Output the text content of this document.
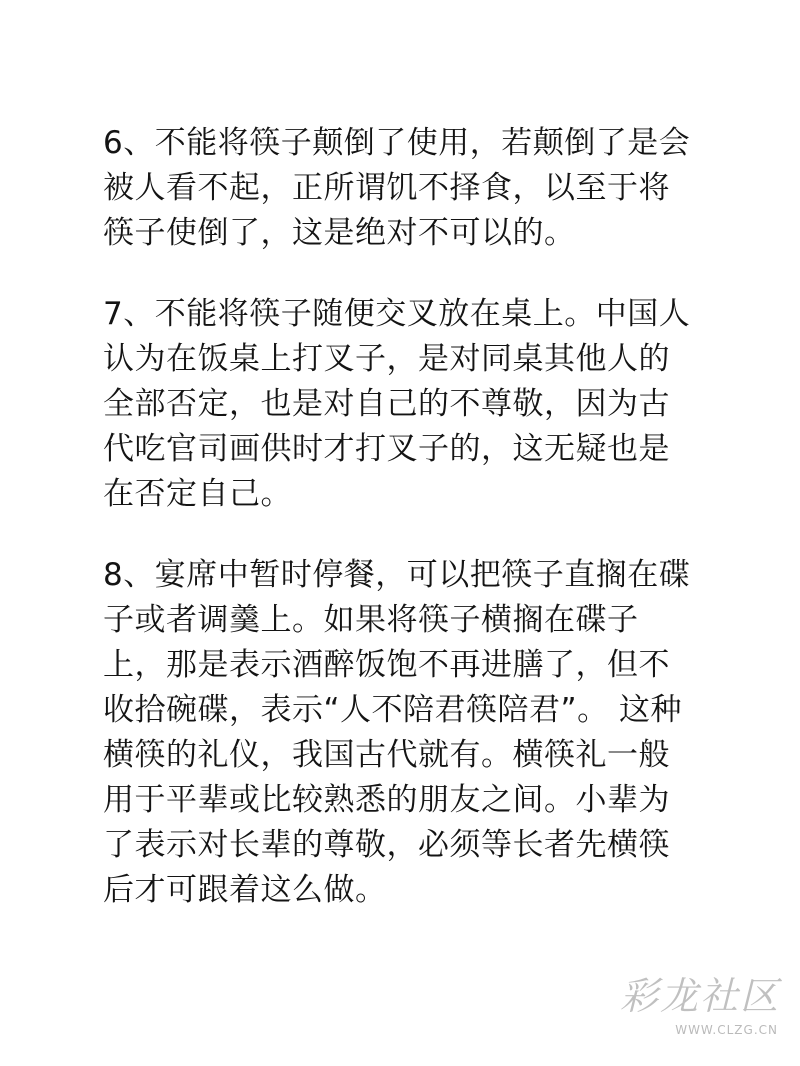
6、不能将筷子颠倒了使用，若颠倒了是会
被人看不起，正所谓饥不择食，以至于将
筷子使倒了，这是绝对不可以的。
7、不能将筷子随便交叉放在桌上。中国人
认为在饭桌上打叉子，是对同桌其他人的
全部否定，也是对自己的不尊敬，因为古
代吃官司画供时才打叉子的，这无疑也是
在否定自己。
8、宴席中暂时停餐，可以把筷子直搁在碟
子或者调羹上。如果将筷子横搁在碟子
上，那是表示酒醉饭饱不再进膳了，但不
收拾碗碟，表示“人不陪君筷陪君”。 这种
横筷的礼仪，我国古代就有。横筷礼一般
用于平辈或比较熟悉的朋友之间。小辈为
了表示对长辈的尊敬，必须等长者先横筷
后才可跟着这么做。
彩龙社区
WWW.CLZG.CN
